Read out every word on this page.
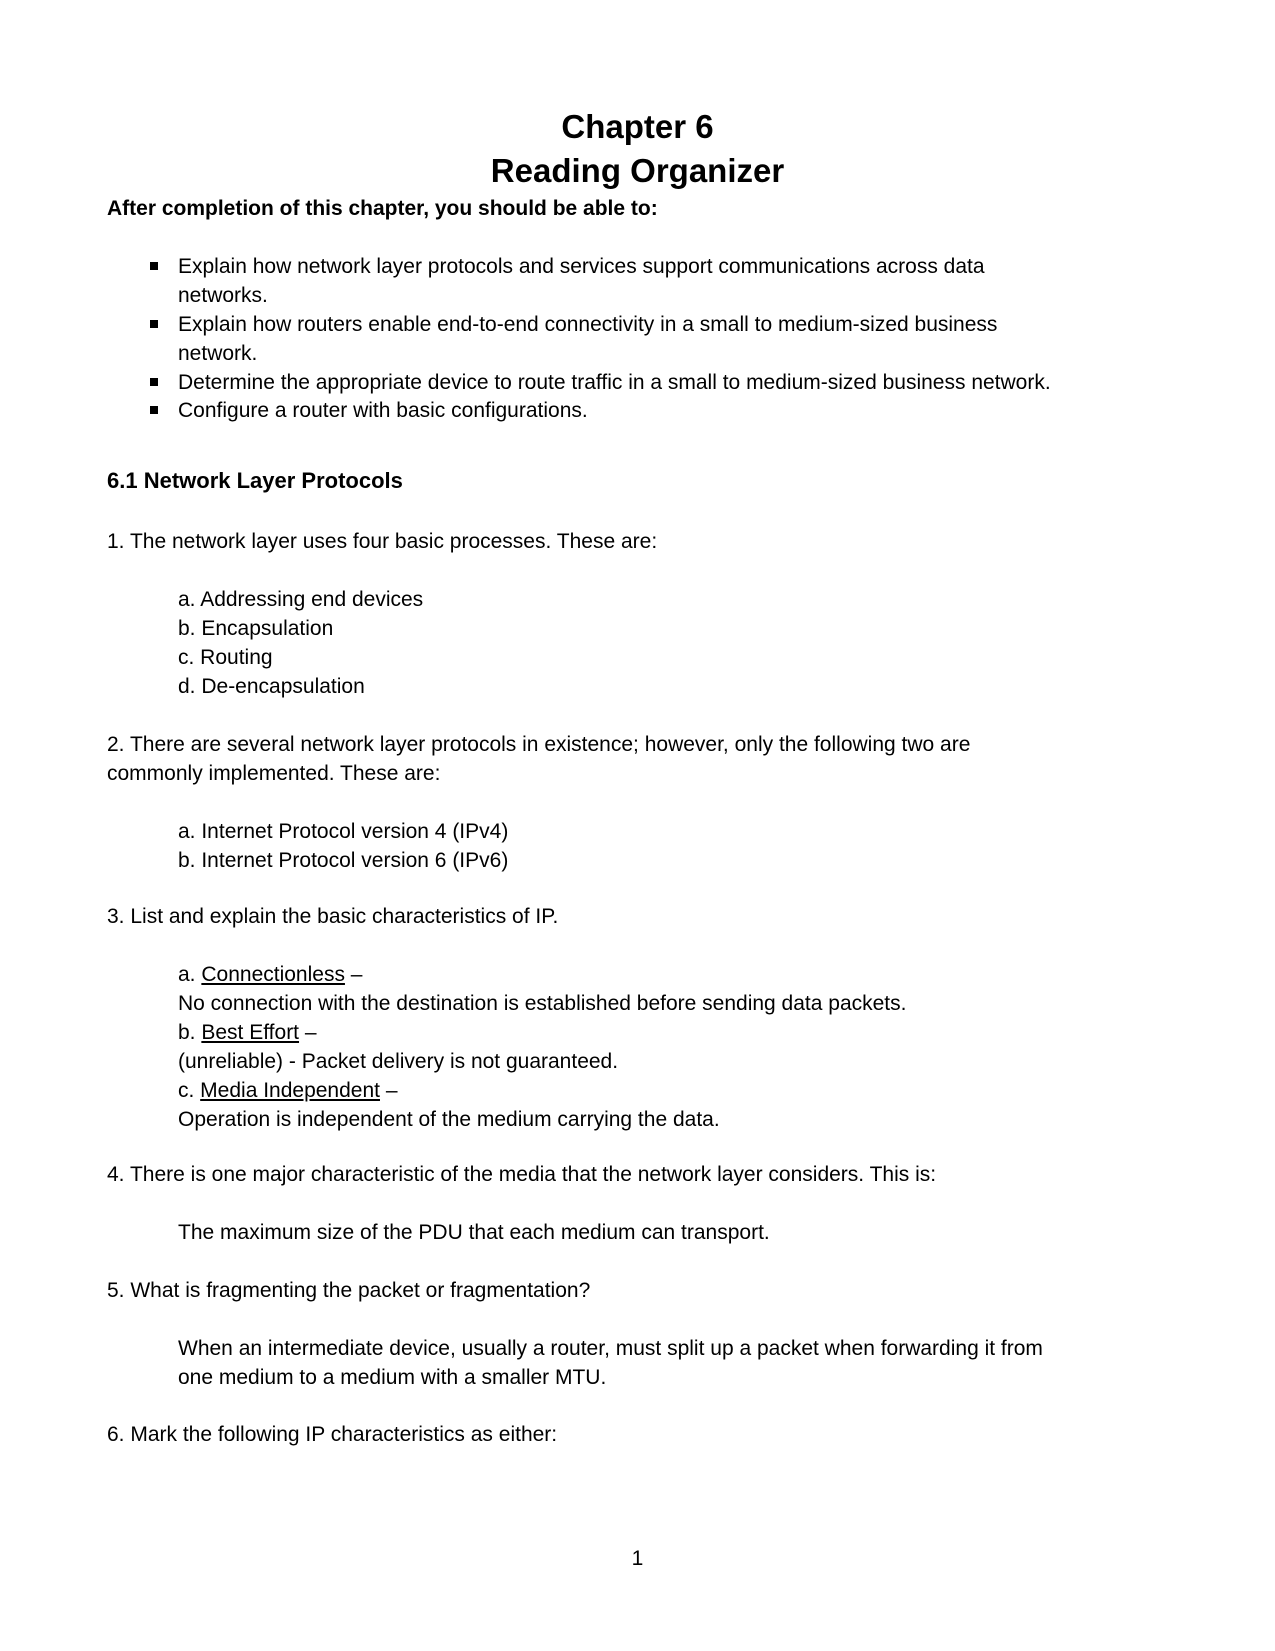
Chapter 6
Reading Organizer
After completion of this chapter, you should be able to:
Explain how network layer protocols and services support communications across data
networks.
Explain how routers enable end-to-end connectivity in a small to medium-sized business
network.
Determine the appropriate device to route traffic in a small to medium-sized business network.
Configure a router with basic configurations.
6.1 Network Layer Protocols
1. The network layer uses four basic processes. These are:
a. Addressing end devices
b. Encapsulation
c. Routing
d. De-encapsulation
2. There are several network layer protocols in existence; however, only the following two are
commonly implemented. These are:
a. Internet Protocol version 4 (IPv4)
b. Internet Protocol version 6 (IPv6)
3. List and explain the basic characteristics of IP.
a. Connectionless –
No connection with the destination is established before sending data packets.
b. Best Effort –
(unreliable) - Packet delivery is not guaranteed.
c. Media Independent –
Operation is independent of the medium carrying the data.
4. There is one major characteristic of the media that the network layer considers. This is:
The maximum size of the PDU that each medium can transport.
5. What is fragmenting the packet or fragmentation?
When an intermediate device, usually a router, must split up a packet when forwarding it from
one medium to a medium with a smaller MTU.
6. Mark the following IP characteristics as either:
1
